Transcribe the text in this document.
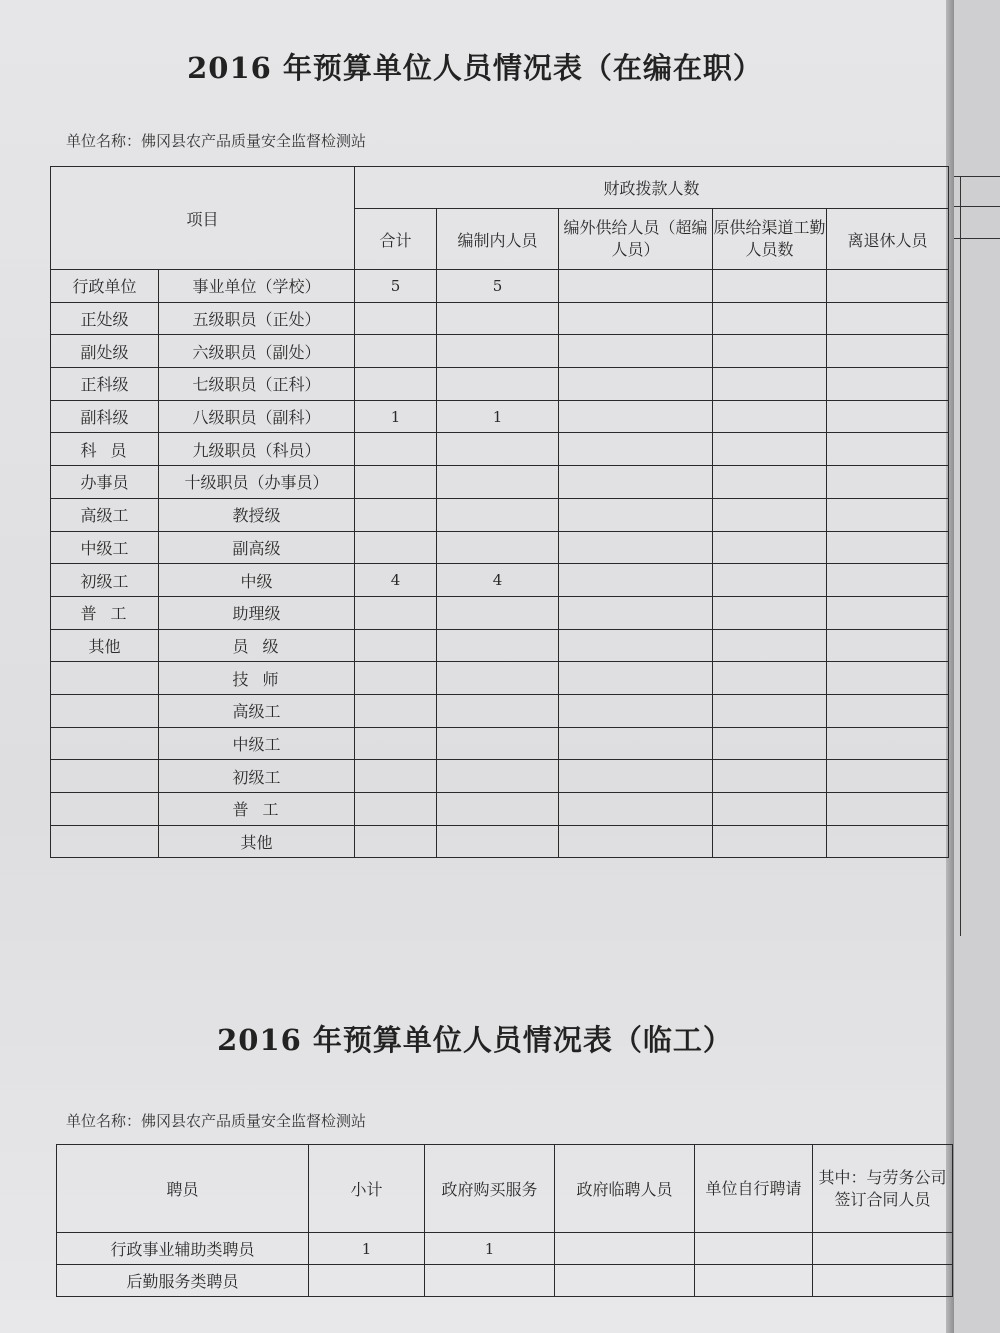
2016 年预算单位人员情况表（在编在职）
单位名称：佛冈县农产品质量安全监督检测站
项目		财政拨款人数				
		合计	编制内人员	编外供给人员（超编人员）	原供给渠道工勤人员数	离退休人员
行政单位	事业单位（学校）	5	5			
正处级	五级职员（正处）					
副处级	六级职员（副处）					
正科级	七级职员（正科）					
副科级	八级职员（副科）	1	1			
科员	九级职员（科员）					
办事员	十级职员（办事员）					
高级工	教授级					
中级工	副高级					
初级工	中级	4	4			
普工	助理级					
其他	员级					
	技师					
	高级工					
	中级工					
	初级工					
	普工					
	其他					
2016 年预算单位人员情况表（临工）
单位名称：佛冈县农产品质量安全监督检测站
聘员	小计	政府购买服务	政府临聘人员	单位自行聘请	其中：与劳务公司签订合同人员
行政事业辅助类聘员	1	1			
后勤服务类聘员					
